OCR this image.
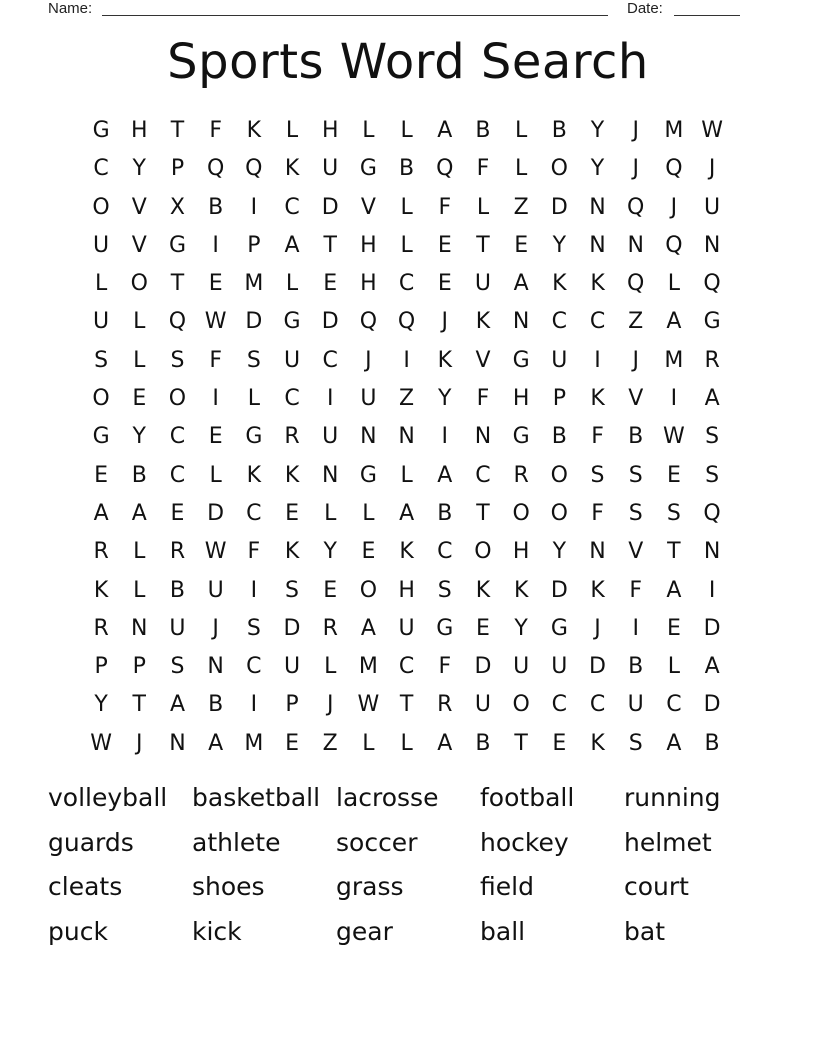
Name:	Date:
Sports Word Search
G H	T	F	K	L	H	L	L	A	B	L	B	Y	J	M W
C	Y	P	Q Q	K	U G	B Q	F	L	O	Y	J	Q	J
O	V	X	B	I	C	D	V	L	F	L	Z	D N Q	J	U
U	V	G	I	P	A	T	H	L	E	T	E	Y	N N Q N
L	O	T	E M	L	E	H	C	E	U	A	K	K	Q	L	Q
U	L	Q W D G D Q Q	J	K	N	C	C	Z	A	G
S	L	S	F	S	U	C	J	I	K	V	G U	I	J	M R
O	E	O	I	L	C	I	U	Z	Y	F	H	P	K	V	I	A
G	Y	C	E	G	R	U N N	I	N G	B	F	B W S
E	B	C	L	K	K	N G	L	A	C	R O	S	S	E	S
A	A	E	D	C	E	L	L	A	B	T	O O	F	S	S	Q
R	L	R W F	K	Y	E	K	C O H	Y	N	V	T	N
K	L	B	U	I	S	E	O H	S	K	K	D	K	F	A	I
R	N U	J	S	D	R	A	U G	E	Y	G	J	I	E	D
P	P	S	N	C	U	L	M C	F	D U	U D	B	L	A
Y	T	A	B	I	P	J	W T	R	U O C	C	U	C	D
W	J	N	A M E	Z	L	L	A	B	T	E	K	S	A	B
volleyball basketball lacrosse	football	running
guards	athlete	soccer	hockey	helmet
cleats	shoes	grass	field	court
puck	kick	gear	ball	bat
